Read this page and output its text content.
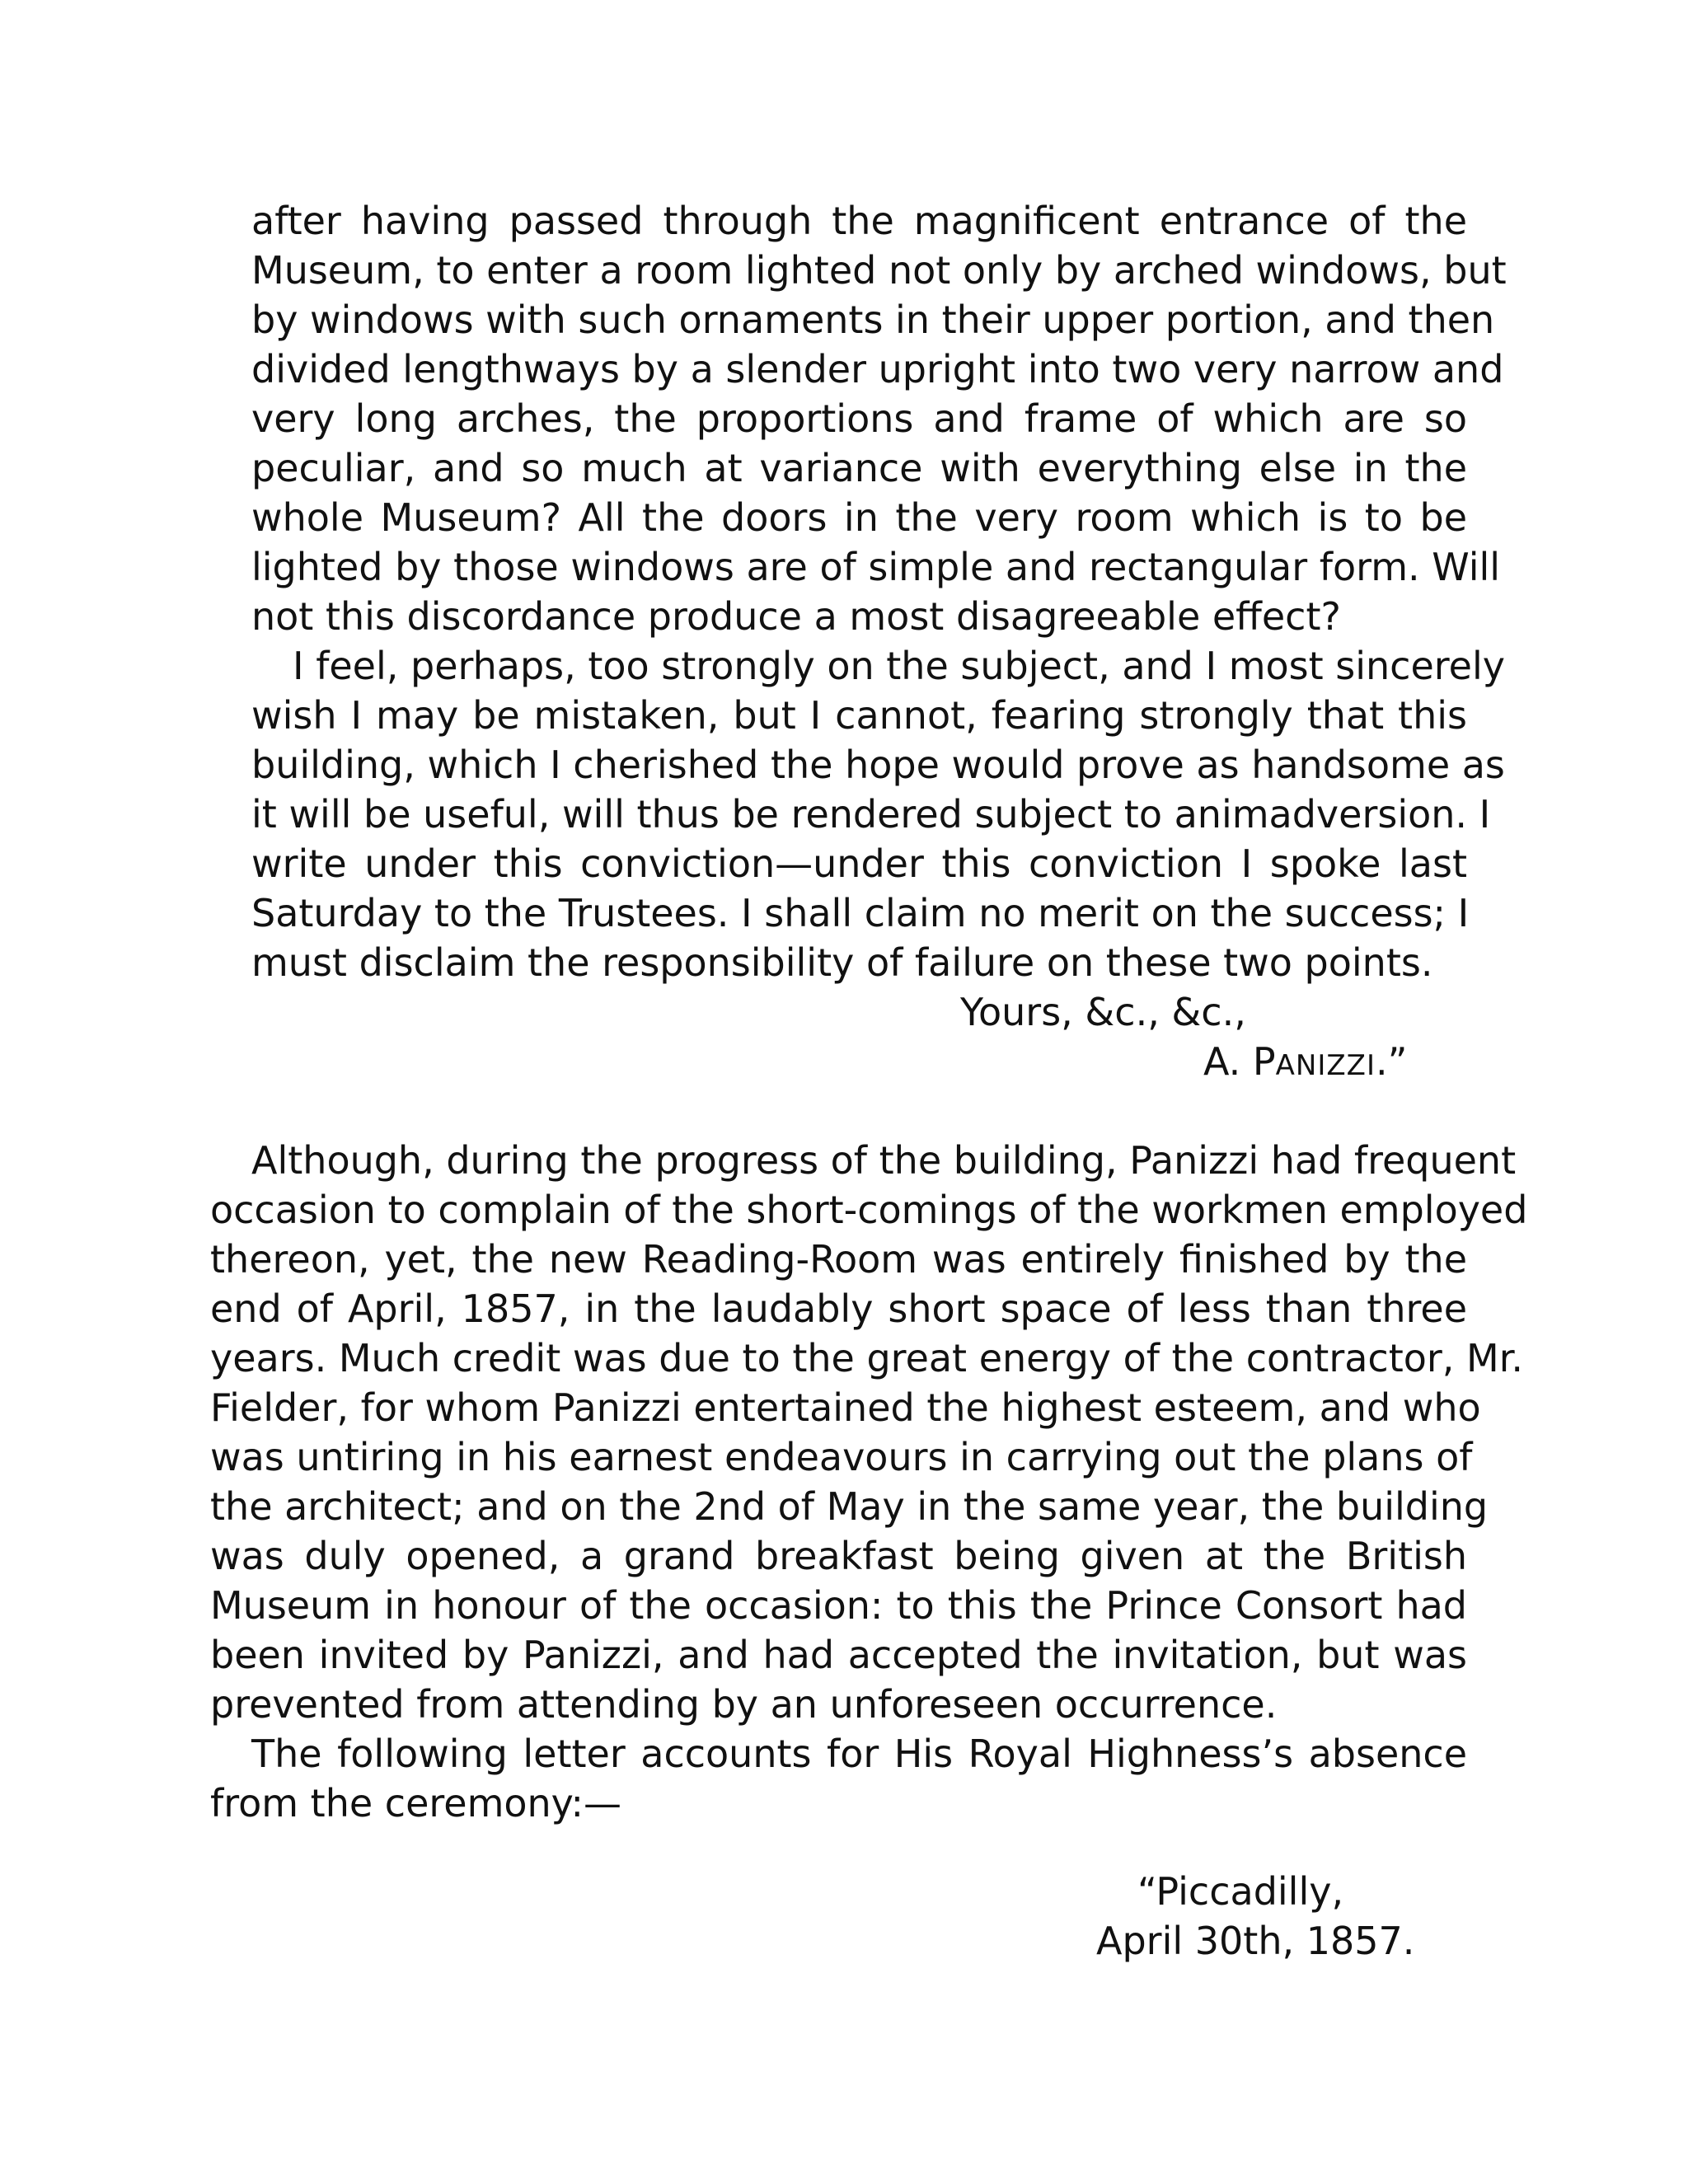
after having passed through the magnificent entrance of the
Museum, to enter a room lighted not only by arched windows, but
by windows with such ornaments in their upper portion, and then
divided lengthways by a slender upright into two very narrow and
very long arches, the proportions and frame of which are so
peculiar, and so much at variance with everything else in the
whole Museum? All the doors in the very room which is to be
lighted by those windows are of simple and rectangular form. Will
not this discordance produce a most disagreeable effect?
I feel, perhaps, too strongly on the subject, and I most sincerely
wish I may be mistaken, but I cannot, fearing strongly that this
building, which I cherished the hope would prove as handsome as
it will be useful, will thus be rendered subject to animadversion. I
write under this conviction—under this conviction I spoke last
Saturday to the Trustees. I shall claim no merit on the success; I
must disclaim the responsibility of failure on these two points.
Yours, &c., &c.,
A. PANIZZI.”
Although, during the progress of the building, Panizzi had frequent
occasion to complain of the short-comings of the workmen employed
thereon, yet, the new Reading-Room was entirely finished by the
end of April, 1857, in the laudably short space of less than three
years. Much credit was due to the great energy of the contractor, Mr.
Fielder, for whom Panizzi entertained the highest esteem, and who
was untiring in his earnest endeavours in carrying out the plans of
the architect; and on the 2nd of May in the same year, the building
was duly opened, a grand breakfast being given at the British
Museum in honour of the occasion: to this the Prince Consort had
been invited by Panizzi, and had accepted the invitation, but was
prevented from attending by an unforeseen occurrence.
The following letter accounts for His Royal Highness’s absence
from the ceremony:—
“Piccadilly,
April 30th, 1857.
